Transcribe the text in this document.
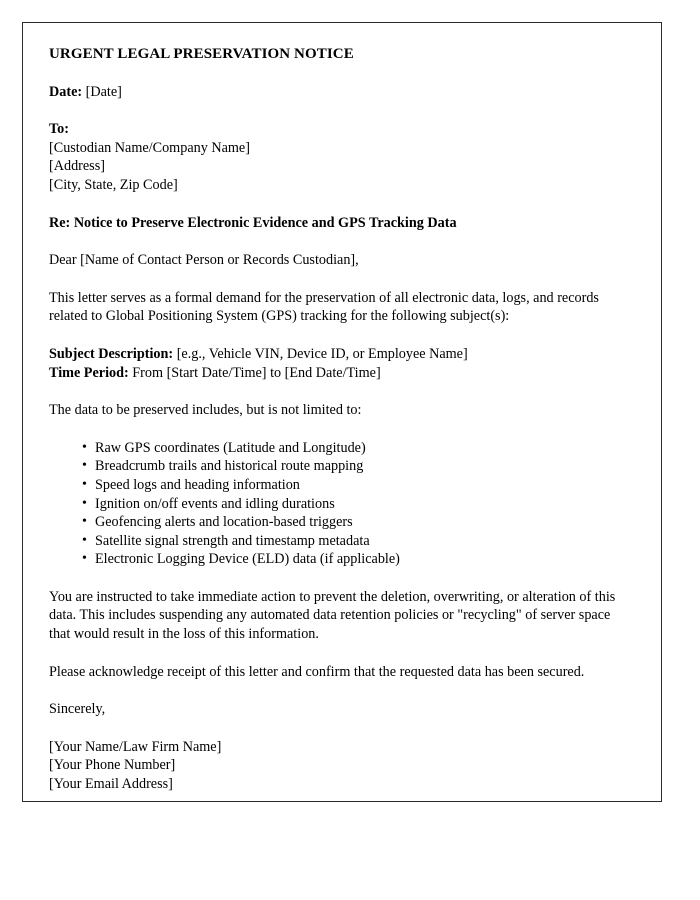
URGENT LEGAL PRESERVATION NOTICE
Date: [Date]
To:
[Custodian Name/Company Name]
[Address]
[City, State, Zip Code]
Re: Notice to Preserve Electronic Evidence and GPS Tracking Data
Dear [Name of Contact Person or Records Custodian],
This letter serves as a formal demand for the preservation of all electronic data, logs, and records related to Global Positioning System (GPS) tracking for the following subject(s):
Subject Description: [e.g., Vehicle VIN, Device ID, or Employee Name]
Time Period: From [Start Date/Time] to [End Date/Time]
The data to be preserved includes, but is not limited to:
• Raw GPS coordinates (Latitude and Longitude)
• Breadcrumb trails and historical route mapping
• Speed logs and heading information
• Ignition on/off events and idling durations
• Geofencing alerts and location-based triggers
• Satellite signal strength and timestamp metadata
• Electronic Logging Device (ELD) data (if applicable)
You are instructed to take immediate action to prevent the deletion, overwriting, or alteration of this data. This includes suspending any automated data retention policies or "recycling" of server space that would result in the loss of this information.
Please acknowledge receipt of this letter and confirm that the requested data has been secured.
Sincerely,
[Your Name/Law Firm Name]
[Your Phone Number]
[Your Email Address]
